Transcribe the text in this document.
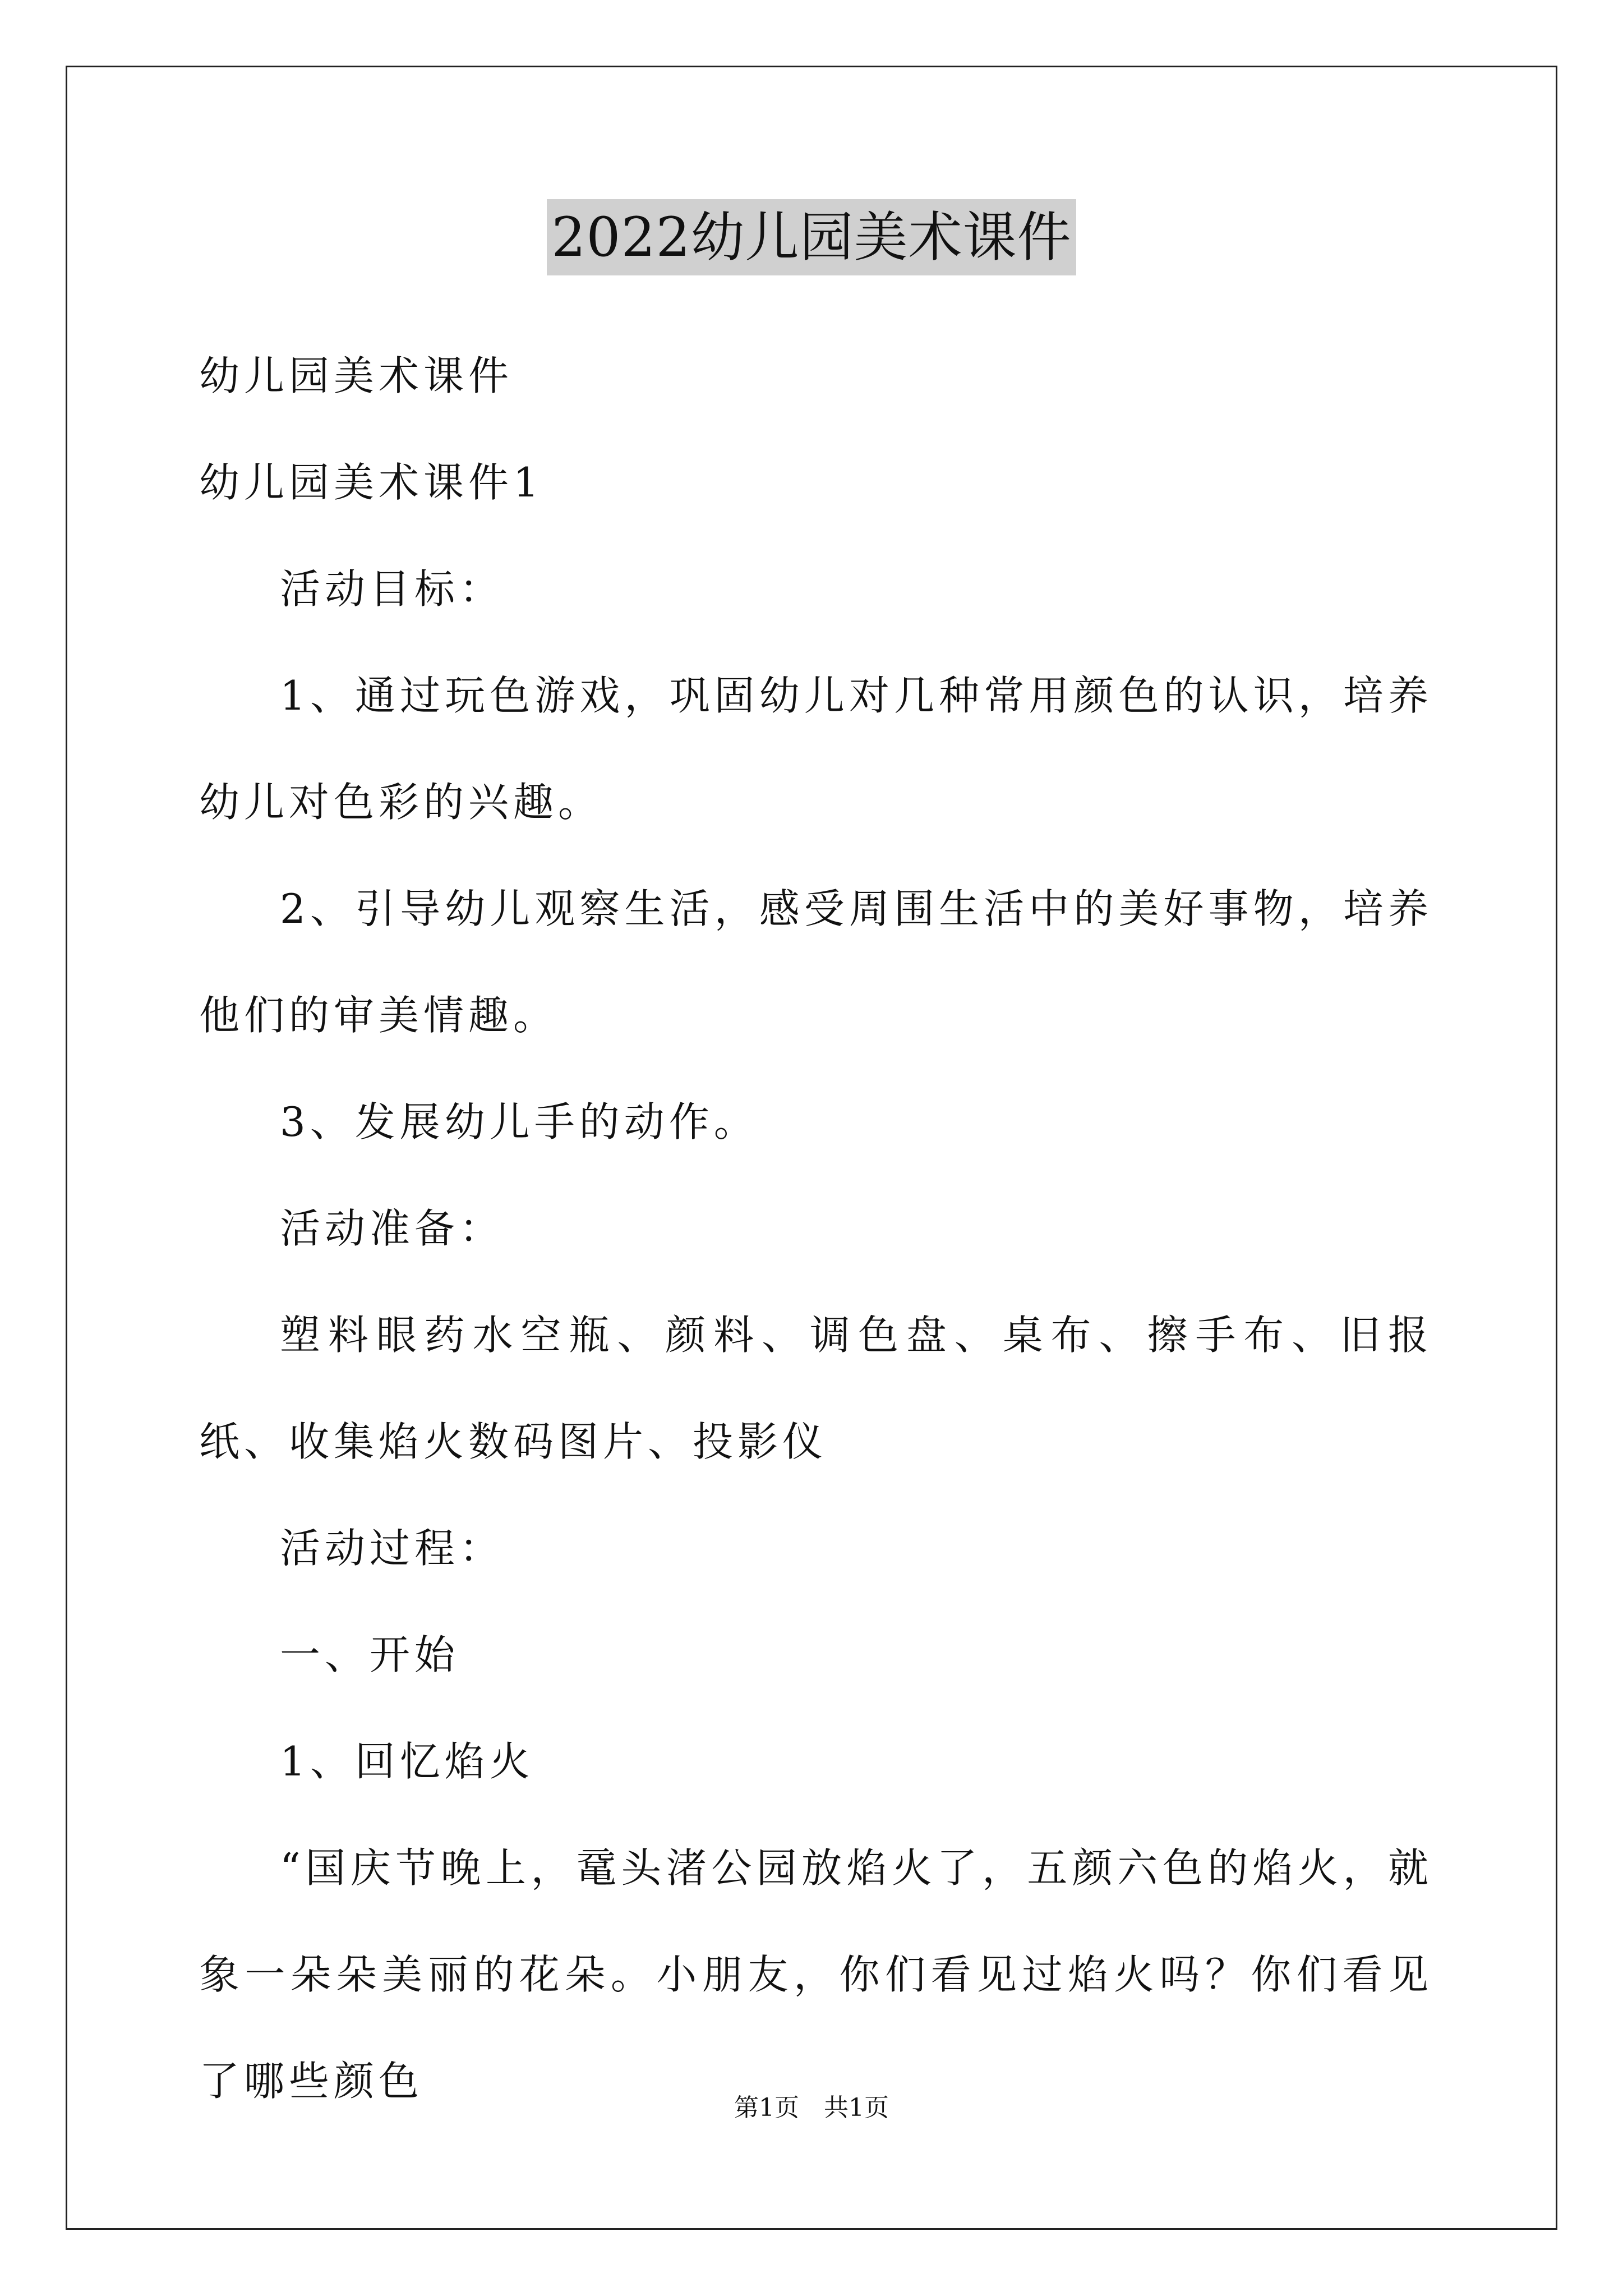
2022幼儿园美术课件

幼儿园美术课件

幼儿园美术课件1

活动目标：

1、通过玩色游戏，巩固幼儿对几种常用颜色的认识，培养幼儿对色彩的兴趣。

2、引导幼儿观察生活，感受周围生活中的美好事物，培养他们的审美情趣。

3、发展幼儿手的动作。

活动准备：

塑料眼药水空瓶、颜料、调色盘、桌布、擦手布、旧报纸、收集焰火数码图片、投影仪

活动过程：

一、开始

1、回忆焰火

“国庆节晚上，鼋头渚公园放焰火了，五颜六色的焰火，就象一朵朵美丽的花朵。小朋友，你们看见过焰火吗？你们看见了哪些颜色

第1页　共1页
